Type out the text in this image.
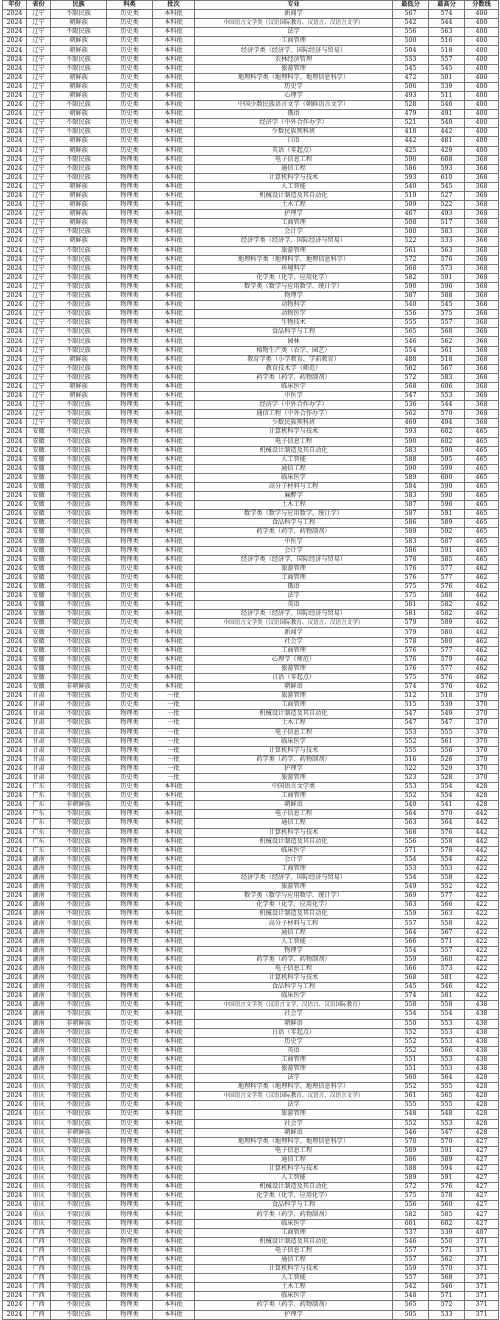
年份	省份	民族	科类	批次	专业	最低分	最高分	分数线
2024	辽宁	不限民族	历史类	本科批	新闻学	567	574	400
2024	辽宁	朝鲜族	历史类	本科批	中国语言文学类（汉语国际教育、汉语言、汉语言文学）	542	544	400
2024	辽宁	不限民族	历史类	本科批	法学	556	563	400
2024	辽宁	朝鲜族	历史类	本科批	工商管理	500	516	400
2024	辽宁	朝鲜族	历史类	本科批	经济学类（经济学、国际经济与贸易）	504	518	400
2024	辽宁	不限民族	历史类	本科批	农林经济管理	553	557	400
2024	辽宁	不限民族	历史类	本科批	旅游管理	545	545	400
2024	辽宁	朝鲜族	历史类	本科批	地理科学类（地理科学、地理信息科学）	472	501	400
2024	辽宁	朝鲜族	历史类	本科批	历史学	506	539	400
2024	辽宁	朝鲜族	历史类	本科批	心理学	493	511	400
2024	辽宁	不限民族	历史类	本科批	中国少数民族语言文学（朝鲜语言文学）	528	546	400
2024	辽宁	朝鲜族	历史类	本科批	俄语	479	491	400
2024	辽宁	不限民族	历史类	本科批	经济学（中外合作办学）	521	540	400
2024	辽宁	不限民族	历史类	本科批	少数民族预科班	418	442	400
2024	辽宁	朝鲜族	历史类	本科批	日语	442	481	400
2024	辽宁	朝鲜族	历史类	本科批	英语（零起点）	425	429	400
2024	辽宁	不限民族	物理类	本科批	电子信息工程	590	608	368
2024	辽宁	不限民族	物理类	本科批	通信工程	586	593	368
2024	辽宁	不限民族	物理类	本科批	计算机科学与技术	593	610	368
2024	辽宁	朝鲜族	物理类	本科批	人工智能	540	545	368
2024	辽宁	朝鲜族	物理类	本科批	机械设计制造及其自动化	519	527	368
2024	辽宁	朝鲜族	物理类	本科批	土木工程	509	522	368
2024	辽宁	朝鲜族	物理类	本科批	护理学	467	493	368
2024	辽宁	朝鲜族	物理类	本科批	工商管理	508	517	368
2024	辽宁	不限民族	物理类	本科批	会计学	580	583	368
2024	辽宁	朝鲜族	物理类	本科批	经济学类（经济学、国际经济与贸易）	522	533	368
2024	辽宁	不限民族	物理类	本科批	旅游管理	561	563	368
2024	辽宁	不限民族	物理类	本科批	地理科学类（地理科学、地理信息科学）	572	576	368
2024	辽宁	不限民族	物理类	本科批	环境科学	568	573	368
2024	辽宁	不限民族	物理类	本科批	化学类（化学、应用化学）	582	591	368
2024	辽宁	不限民族	物理类	本科批	数学类（数学与应用数学、统计学）	590	596	368
2024	辽宁	不限民族	物理类	本科批	物理学	587	588	368
2024	辽宁	不限民族	物理类	本科批	动物科学	540	545	368
2024	辽宁	不限民族	物理类	本科批	动物医学	556	575	368
2024	辽宁	不限民族	物理类	本科批	生物技术	555	557	368
2024	辽宁	不限民族	物理类	本科批	食品科学与工程	565	568	368
2024	辽宁	不限民族	物理类	本科批	园林	546	562	368
2024	辽宁	不限民族	物理类	本科批	植物生产类（农学、园艺）	554	561	368
2024	辽宁	朝鲜族	物理类	本科批	教育学类（小学教育、学前教育）	488	518	368
2024	辽宁	不限民族	物理类	本科批	教育技术学（师范）	562	567	368
2024	辽宁	不限民族	物理类	本科批	药学类（药学、药物制剂）	572	583	368
2024	辽宁	朝鲜族	物理类	本科批	临床医学	568	606	368
2024	辽宁	朝鲜族	物理类	本科批	中医学	547	553	368
2024	辽宁	不限民族	物理类	本科批	经济学（中外合作办学）	536	544	368
2024	辽宁	不限民族	物理类	本科批	通信工程（中外合作办学）	562	570	368
2024	辽宁	不限民族	物理类	本科批	少数民族预科班	469	494	368
2024	安徽	不限民族	物理类	本科批	计算机科学与技术	593	602	465
2024	安徽	不限民族	物理类	本科批	电子信息工程	590	602	465
2024	安徽	不限民族	物理类	本科批	机械设计制造及其自动化	583	590	465
2024	安徽	不限民族	物理类	本科批	人工智能	588	595	465
2024	安徽	不限民族	物理类	本科批	通信工程	590	599	465
2024	安徽	不限民族	物理类	本科批	临床医学	589	600	465
2024	安徽	不限民族	物理类	本科批	高分子材料与工程	584	590	465
2024	安徽	不限民族	物理类	本科批	麻醉学	583	590	465
2024	安徽	不限民族	物理类	本科批	土木工程	587	596	465
2024	安徽	不限民族	物理类	本科批	数学类（数学与应用数学、统计学）	587	591	465
2024	安徽	不限民族	物理类	本科批	食品科学与工程	586	589	465
2024	安徽	不限民族	物理类	本科批	药学类（药学、药物制剂）	589	592	465
2024	安徽	不限民族	物理类	本科批	中医学	583	587	465
2024	安徽	不限民族	物理类	本科批	会计学	586	591	465
2024	安徽	不限民族	物理类	本科批	经济学类（经济学、国际经济与贸易）	578	585	465
2024	安徽	不限民族	历史类	本科批	旅游管理	576	577	462
2024	安徽	不限民族	历史类	本科批	工商管理	576	577	462
2024	安徽	不限民族	历史类	本科批	俄语	575	576	462
2024	安徽	不限民族	历史类	本科批	法学	575	588	462
2024	安徽	不限民族	历史类	本科批	英语	581	582	462
2024	安徽	不限民族	历史类	本科批	经济学类（经济学、国际经济与贸易）	581	582	462
2024	安徽	不限民族	历史类	本科批	中国语言文学类（汉语国际教育、汉语言、汉语言文学）	579	589	462
2024	安徽	不限民族	历史类	本科批	新闻学	579	580	462
2024	安徽	不限民族	历史类	本科批	社会学	578	580	462
2024	安徽	不限民族	历史类	本科批	工商管理	576	577	462
2024	安徽	不限民族	历史类	本科批	心理学（师范）	576	579	462
2024	安徽	不限民族	历史类	本科批	旅游管理	576	577	462
2024	安徽	不限民族	历史类	本科批	日语（零起点）	575	576	462
2024	安徽	非朝鲜族	历史类	本科批	朝鲜语	574	576	462
2024	甘肃	不限民族	历史类	一批	旅游管理	512	518	370
2024	甘肃	不限民族	历史类	一批	工商管理	515	539	370
2024	甘肃	不限民族	物理类	一批	机械设计制造及其自动化	547	549	370
2024	甘肃	不限民族	物理类	一批	土木工程	547	547	370
2024	甘肃	不限民族	物理类	一批	电子信息工程	553	555	370
2024	甘肃	不限民族	物理类	一批	临床医学	552	561	370
2024	甘肃	不限民族	物理类	一批	计算机科学与技术	555	556	370
2024	甘肃	不限民族	物理类	一批	药学类（药学、药物制剂）	516	526	370
2024	甘肃	不限民族	物理类	一批	护理学	522	529	370
2024	甘肃	不限民族	历史类	一批	旅游管理	523	528	370
2024	广东	不限民族	历史类	本科批	中国语言文学类	553	554	428
2024	广东	不限民族	历史类	本科批	工商管理	552	554	428
2024	广东	非朝鲜族	历史类	本科批	朝鲜语	540	541	428
2024	广东	不限民族	物理类	本科批	电子信息工程	564	570	442
2024	广东	不限民族	物理类	本科批	通信工程	563	564	442
2024	广东	不限民族	物理类	本科批	计算机科学与技术	568	576	442
2024	广东	不限民族	物理类	本科批	机械设计制造及其自动化	556	558	442
2024	广东	不限民族	物理类	本科批	临床医学	571	578	442
2024	湖南	不限民族	物理类	本科批	会计学	554	554	422
2024	湖南	不限民族	物理类	本科批	工商管理	553	553	422
2024	湖南	不限民族	物理类	本科批	经济学类（经济学、国际经济与贸易）	554	558	422
2024	湖南	不限民族	物理类	本科批	旅游管理	549	552	422
2024	湖南	不限民族	物理类	本科批	数学类（数学与应用数学、统计学）	569	577	422
2024	湖南	不限民族	物理类	本科批	化学类（化学、应用化学）	563	566	422
2024	湖南	不限民族	物理类	本科批	机械设计制造及其自动化	559	563	422
2024	湖南	不限民族	物理类	本科批	高分子材料与工程	557	558	422
2024	湖南	不限民族	物理类	本科批	通信工程	564	567	422
2024	湖南	不限民族	物理类	本科批	人工智能	566	571	422
2024	湖南	不限民族	物理类	本科批	物理学	554	557	422
2024	湖南	不限民族	物理类	本科批	药学类（药学、药物制剂）	559	560	422
2024	湖南	不限民族	物理类	本科批	电子信息工程	566	573	422
2024	湖南	不限民族	物理类	本科批	计算机科学与技术	568	581	422
2024	湖南	不限民族	物理类	本科批	食品科学与工程	545	546	422
2024	湖南	不限民族	物理类	本科批	临床医学	574	581	422
2024	湖南	不限民族	历史类	本科批	中国语言文学类（汉语言文学、汉语言、汉语国际教育）	558	558	438
2024	湖南	不限民族	历史类	本科批	社会学	554	554	438
2024	湖南	非朝鲜族	历史类	本科批	朝鲜语	550	553	438
2024	湖南	不限民族	历史类	本科批	日语（零起点）	552	553	438
2024	湖南	不限民族	历史类	本科批	历史学	552	553	438
2024	湖南	不限民族	历史类	本科批	英语	552	566	438
2024	湖南	不限民族	历史类	本科批	工商管理	551	553	438
2024	湖南	不限民族	历史类	本科批	旅游管理	551	553	438
2024	重庆	不限民族	历史类	本科批	法学	560	564	428
2024	重庆	不限民族	历史类	本科批	地理科学类（地理科学、地理信息科学）	552	555	428
2024	重庆	不限民族	历史类	本科批	中国语言文学类（汉语国际教育、汉语言、汉语言文学）	561	565	428
2024	重庆	不限民族	历史类	本科批	法学	555	555	428
2024	重庆	不限民族	历史类	本科批	旅游管理	548	548	428
2024	重庆	不限民族	历史类	本科批	社会学	552	553	428
2024	重庆	非朝鲜族	历史类	本科批	朝鲜语	546	547	428
2024	重庆	不限民族	物理类	本科批	地理科学类（地理科学、地理信息科学）	570	570	427
2024	重庆	不限民族	物理类	本科批	电子信息工程	589	591	427
2024	重庆	不限民族	物理类	本科批	通信工程	586	589	427
2024	重庆	不限民族	物理类	本科批	计算机科学与技术	588	594	427
2024	重庆	不限民族	物理类	本科批	人工智能	589	591	427
2024	重庆	不限民族	物理类	本科批	机械设计制造及其自动化	572	576	427
2024	重庆	不限民族	物理类	本科批	化学类（化学、应用化学）	575	578	427
2024	重庆	不限民族	物理类	本科批	食品科学与工程	556	560	427
2024	重庆	不限民族	物理类	本科批	药学类（药学、药物制剂）	582	585	427
2024	重庆	不限民族	物理类	本科批	临床医学	601	602	427
2024	广西	不限民族	历史类	本科批	工商管理	537	539	407
2024	广西	不限民族	物理类	本科批	机械设计制造及其自动化	546	550	371
2024	广西	不限民族	物理类	本科批	电子信息工程	557	571	371
2024	广西	不限民族	物理类	本科批	通信工程	557	562	371
2024	广西	不限民族	物理类	本科批	计算机科学与技术	559	570	371
2024	广西	不限民族	物理类	本科批	人工智能	557	568	371
2024	广西	不限民族	物理类	本科批	土木工程	542	546	371
2024	广西	不限民族	物理类	本科批	临床医学	548	571	371
2024	广西	不限民族	物理类	本科批	药学类（药学、药物制剂）	565	572	371
2024	广西	不限民族	物理类	本科批	护理学	505	533	371
